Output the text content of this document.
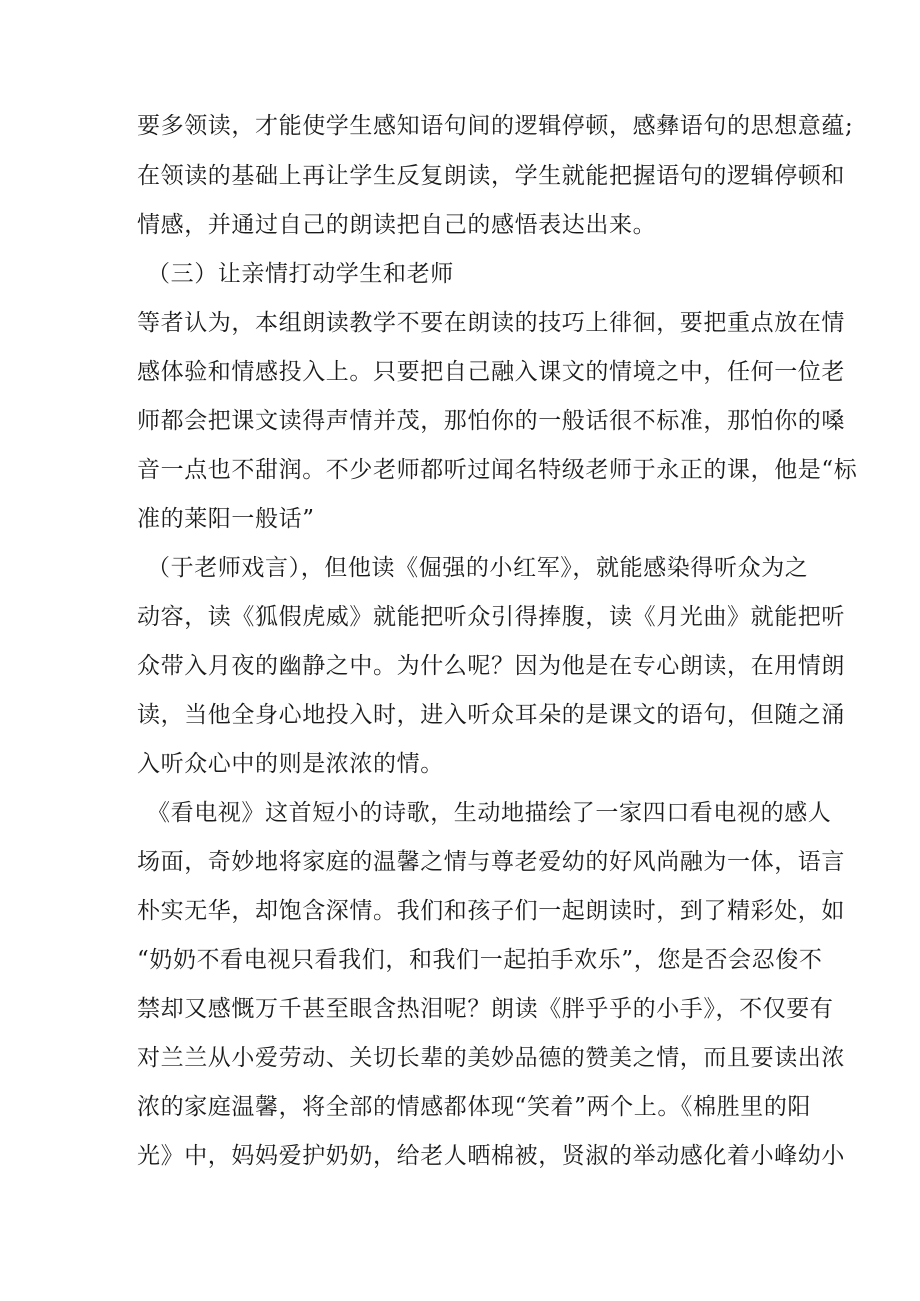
要多领读，才能使学生感知语句间的逻辑停顿，感彝语句的思想意蕴;
在领读的基础上再让学生反复朗读，学生就能把握语句的逻辑停顿和
情感，并通过自己的朗读把自己的感悟表达出来。
（三）让亲情打动学生和老师
等者认为，本组朗读教学不要在朗读的技巧上徘徊，要把重点放在情
感体验和情感投入上。只要把自己融入课文的情境之中，任何一位老
师都会把课文读得声情并茂，那怕你的一般话很不标准，那怕你的嗓
音一点也不甜润。不少老师都听过闻名特级老师于永正的课，他是“标
准的莱阳一般话”
（于老师戏言），但他读《倔强的小红军》，就能感染得听众为之
动容，读《狐假虎威》就能把听众引得捧腹，读《月光曲》就能把听
众带入月夜的幽静之中。为什么呢？因为他是在专心朗读，在用情朗
读，当他全身心地投入时，进入听众耳朵的是课文的语句，但随之涌
入听众心中的则是浓浓的情。
《看电视》这首短小的诗歌，生动地描绘了一家四口看电视的感人
场面，奇妙地将家庭的温馨之情与尊老爱幼的好风尚融为一体，语言
朴实无华，却饱含深情。我们和孩子们一起朗读时，到了精彩处，如
“奶奶不看电视只看我们，和我们一起拍手欢乐”，您是否会忍俊不
禁却又感慨万千甚至眼含热泪呢？朗读《胖乎乎的小手》，不仅要有
对兰兰从小爱劳动、关切长辈的美妙品德的赞美之情，而且要读出浓
浓的家庭温馨，将全部的情感都体现“笑着”两个上。《棉胜里的阳
光》中，妈妈爱护奶奶，给老人晒棉被，贤淑的举动感化着小峰幼小
